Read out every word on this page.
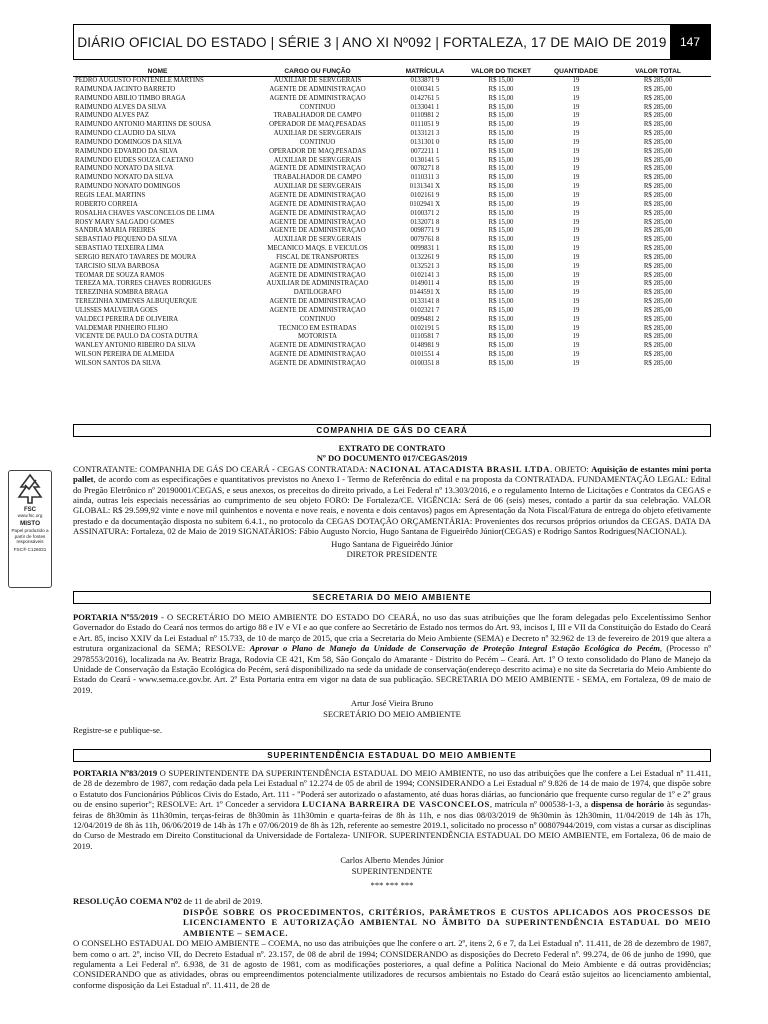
DIÁRIO OFICIAL DO ESTADO | SÉRIE 3 | ANO XI Nº092 | FORTALEZA, 17 DE MAIO DE 2019	147
NOME	CARGO OU FUNÇÃO	MATRÍCULA	VALOR DO TICKET	QUANTIDADE	VALOR TOTAL
PEDRO AUGUSTO FONTENELE MARTINS	AUXILIAR DE SERV.GERAIS	0133871 9	R$ 15,00	19	R$ 285,00
RAIMUNDA JACINTO BARRETO	AGENTE DE ADMINISTRAÇÃO	0100341 5	R$ 15,00	19	R$ 285,00
RAIMUNDO ABILIO TIMBO BRAGA	AGENTE DE ADMINISTRAÇÃO	0142761 5	R$ 15,00	19	R$ 285,00
RAIMUNDO ALVES DA SILVA	CONTINUO	0133041 1	R$ 15,00	19	R$ 285,00
RAIMUNDO ALVES PAZ	TRABALHADOR DE CAMPO	0110981 2	R$ 15,00	19	R$ 285,00
RAIMUNDO ANTONIO MARTINS DE SOUSA	OPERADOR DE MAQ.PESADAS	0111051 9	R$ 15,00	19	R$ 285,00
RAIMUNDO CLAUDIO DA SILVA	AUXILIAR DE SERV.GERAIS	0133121 3	R$ 15,00	19	R$ 285,00
RAIMUNDO DOMINGOS DA SILVA	CONTINUO	0131301 0	R$ 15,00	19	R$ 285,00
RAIMUNDO EDVARDO DA SILVA	OPERADOR DE MAQ.PESADAS	0072211 1	R$ 15,00	19	R$ 285,00
RAIMUNDO EUDES SOUZA CAETANO	AUXILIAR DE SERV.GERAIS	0130141 5	R$ 15,00	19	R$ 285,00
RAIMUNDO NONATO DA SILVA	AGENTE DE ADMINISTRAÇÃO	0078271 8	R$ 15,00	19	R$ 285,00
RAIMUNDO NONATO DA SILVA	TRABALHADOR DE CAMPO	0110311 3	R$ 15,00	19	R$ 285,00
RAIMUNDO NONATO DOMINGOS	AUXILIAR DE SERV.GERAIS	0131341 X	R$ 15,00	19	R$ 285,00
REGIS LEAL MARTINS	AGENTE DE ADMINISTRAÇÃO	0102161 9	R$ 15,00	19	R$ 285,00
ROBERTO CORREIA	AGENTE DE ADMINISTRAÇÃO	0102941 X	R$ 15,00	19	R$ 285,00
ROSALHA CHAVES VASCONCELOS DE LIMA	AGENTE DE ADMINISTRAÇÃO	0100371 2	R$ 15,00	19	R$ 285,00
ROSY MARY SALGADO GOMES	AGENTE DE ADMINISTRAÇÃO	0132071 8	R$ 15,00	19	R$ 285,00
SANDRA MARIA FREIRES	AGENTE DE ADMINISTRAÇÃO	0098771 9	R$ 15,00	19	R$ 285,00
SEBASTIÃO PEQUENO DA SILVA	AUXILIAR DE SERV.GERAIS	0079761 8	R$ 15,00	19	R$ 285,00
SEBASTIÃO TEIXEIRA LIMA	MECÂNICO MAQS. E VEÍCULOS	0099831 1	R$ 15,00	19	R$ 285,00
SERGIO RENATO TAVARES DE MOURA	FISCAL DE TRANSPORTES	0132261 9	R$ 15,00	19	R$ 285,00
TARCISIO SILVA BARBOSA	AGENTE DE ADMINISTRAÇÃO	0132521 3	R$ 15,00	19	R$ 285,00
TEOMAR DE SOUZA RAMOS	AGENTE DE ADMINISTRAÇÃO	0102141 3	R$ 15,00	19	R$ 285,00
TEREZA MA. TORRES CHAVES RODRIGUES	AUXILIAR DE ADMINISTRAÇÃO	0149011 4	R$ 15,00	19	R$ 285,00
TEREZINHA SOMBRA BRAGA	DATILOGRAFO	0144591 X	R$ 15,00	19	R$ 285,00
TEREZINHA XIMENES ALBUQUERQUE	AGENTE DE ADMINISTRAÇÃO	0133141 8	R$ 15,00	19	R$ 285,00
ULISSES MALVEIRA GOES	AGENTE DE ADMINISTRAÇÃO	0102321 7	R$ 15,00	19	R$ 285,00
VALDECI PEREIRA DE OLIVEIRA	CONTINUO	0099481 2	R$ 15,00	19	R$ 285,00
VALDEMAR PINHEIRO FILHO	TÉCNICO EM ESTRADAS	0102191 5	R$ 15,00	19	R$ 285,00
VICENTE DE PAULO DA COSTA DUTRA	MOTORISTA	0110581 7	R$ 15,00	19	R$ 285,00
WANLEY ANTONIO RIBEIRO DA SILVA	AGENTE DE ADMINISTRAÇÃO	0148981 9	R$ 15,00	19	R$ 285,00
WILSON PEREIRA DE ALMEIDA	AGENTE DE ADMINISTRAÇÃO	0101551 4	R$ 15,00	19	R$ 285,00
WILSON SANTOS DA SILVA	AGENTE DE ADMINISTRAÇÃO	0100351 8	R$ 15,00	19	R$ 285,00
FSC
www.fsc.org
MISTO
Papel produzido a partir de fontes responsáveis
FSC® C126031
COMPANHIA DE GÁS DO CEARÁ
EXTRATO DE CONTRATO
Nº DO DOCUMENTO 017/CEGAS/2019

CONTRATANTE: COMPANHIA DE GÁS DO CEARÁ - CEGAS CONTRATADA: NACIONAL ATACADISTA BRASIL LTDA. OBJETO: Aquisição de estantes mini porta pallet, de acordo com as especificações e quantitativos previstos no Anexo I - Termo de Referência do edital e na proposta da CONTRATADA. FUNDAMENTAÇÃO LEGAL: Edital do Pregão Eletrônico nº 20190001/CEGAS, e seus anexos, os preceitos do direito privado, a Lei Federal nº 13.303/2016, e o regulamento Interno de Licitações e Contratos da CEGAS e ainda, outras leis especiais necessárias ao cumprimento de seu objeto FORO: De Fortaleza/CE. VIGÊNCIA: Será de 06 (seis) meses, contado a partir da sua celebração. VALOR GLOBAL: R$ 29.599,92 vinte e nove mil quinhentos e noventa e nove reais, e noventa e dois centavos) pagos em Apresentação da Nota Fiscal/Fatura de entrega do objeto efetivamente prestado e da documentação disposta no subitem 6.4.1., no protocolo da CEGAS DOTAÇÃO ORÇAMENTÁRIA: Provenientes dos recursos próprios oriundos da CEGAS. DATA DA ASSINATURA: Fortaleza, 02 de Maio de 2019 SIGNATÁRIOS: Fábio Augusto Norcio, Hugo Santana de Figueirêdo Júnior(CEGAS) e Rodrigo Santos Rodrigues(NACIONAL).

Hugo Santana de Figueirêdo Júnior
DIRETOR PRESIDENTE
SECRETARIA DO MEIO AMBIENTE

PORTARIA Nº55/2019 - O SECRETÁRIO DO MEIO AMBIENTE DO ESTADO DO CEARÁ, no uso das suas atribuições que lhe foram delegadas pelo Excelentíssimo Senhor Governador do Estado do Ceará nos termos do artigo 88 e IV e VI e ao que confere ao Secretário de Estado nos termos do Art. 93, incisos I, III e VII da Constituição do Estado do Ceará e Art. 85, inciso XXIV da Lei Estadual nº 15.733, de 10 de março de 2015, que cria a Secretaria do Meio Ambiente (SEMA) e Decreto nº 32.962 de 13 de fevereiro de 2019 que altera a estrutura organizacional da SEMA; RESOLVE: Aprovar o Plano de Manejo da Unidade de Conservação de Proteção Integral Estação Ecológica do Pecém, (Processo nº 2978553/2016), localizada na Av. Beatriz Braga, Rodovia CE 421, Km 58, São Gonçalo do Amarante - Distrito do Pecém – Ceará. Art. 1º O texto consolidado do Plano de Manejo da Unidade de Conservação da Estação Ecológica do Pecém, será disponibilizado na sede da unidade de conservação(endereço descrito acima) e no site da Secretaria do Meio Ambiente do Estado do Ceará - www.sema.ce.gov.br. Art. 2º Esta Portaria entra em vigor na data de sua publicação. SECRETARIA DO MEIO AMBIENTE - SEMA, em Fortaleza, 09 de maio de 2019.

Artur José Vieira Bruno
SECRETÁRIO DO MEIO AMBIENTE
Registre-se e publique-se.
SUPERINTENDÊNCIA ESTADUAL DO MEIO AMBIENTE

PORTARIA Nº83/2019 O SUPERINTENDENTE DA SUPERINTENDÊNCIA ESTADUAL DO MEIO AMBIENTE, no uso das atribuições que lhe confere a Lei Estadual nº 11.411, de 28 de dezembro de 1987, com redação dada pela Lei Estadual nº 12.274 de 05 de abril de 1994; CONSIDERANDO a Lei Estadual nº 9.826 de 14 de maio de 1974, que dispõe sobre o Estatuto dos Funcionários Públicos Civis do Estado, Art. 111 - "Poderá ser autorizado o afastamento, até duas horas diárias, ao funcionário que frequente curso regular de 1º e 2º graus ou de ensino superior"; RESOLVE: Art. 1º Conceder a servidora LUCIANA BARREIRA DE VASCONCELOS, matrícula nº 000538-1-3, a dispensa de horário às segundas-feiras de 8h30min às 11h30min, terças-feiras de 8h30min às 11h30min e quarta-feiras de 8h às 11h, e nos dias 08/03/2019 de 9h30min às 12h30min, 11/04/2019 de 14h às 17h, 12/04/2019 de 8h às 11h, 06/06/2019 de 14h às 17h e 07/06/2019 de 8h às 12h, referente ao semestre 2019.1, solicitado no processo nº 00807944/2019, com vistas a cursar as disciplinas do Curso de Mestrado em Direito Constitucional da Universidade de Fortaleza- UNIFOR. SUPERINTENDÊNCIA ESTADUAL DO MEIO AMBIENTE, em Fortaleza, 06 de maio de 2019.

Carlos Alberto Mendes Júnior
SUPERINTENDENTE
*** *** ***

RESOLUÇÃO COEMA Nº02 de 11 de abril de 2019.

DISPÕE SOBRE OS PROCEDIMENTOS, CRITÉRIOS, PARÂMETROS E CUSTOS APLICADOS AOS PROCESSOS DE LICENCIAMENTO E AUTORIZAÇÃO AMBIENTAL NO ÂMBITO DA SUPERINTENDÊNCIA ESTADUAL DO MEIO AMBIENTE – SEMACE.

O CONSELHO ESTADUAL DO MEIO AMBIENTE – COEMA, no uso das atribuições que lhe confere o art. 2º, itens 2, 6 e 7, da Lei Estadual nº. 11.411, de 28 de dezembro de 1987, bem como o art. 2º, inciso VII, do Decreto Estadual nº. 23.157, de 08 de abril de 1994; CONSIDERANDO as disposições do Decreto Federal nº. 99.274, de 06 de junho de 1990, que regulamenta a Lei Federal nº. 6.938, de 31 de agosto de 1981, com as modificações posteriores, a qual define a Política Nacional do Meio Ambiente e dá outras providências; CONSIDERANDO que as atividades, obras ou empreendimentos potencialmente utilizadores de recursos ambientais no Estado do Ceará estão sujeitos ao licenciamento ambiental, conforme disposição da Lei Estadual nº. 11.411, de 28 de
